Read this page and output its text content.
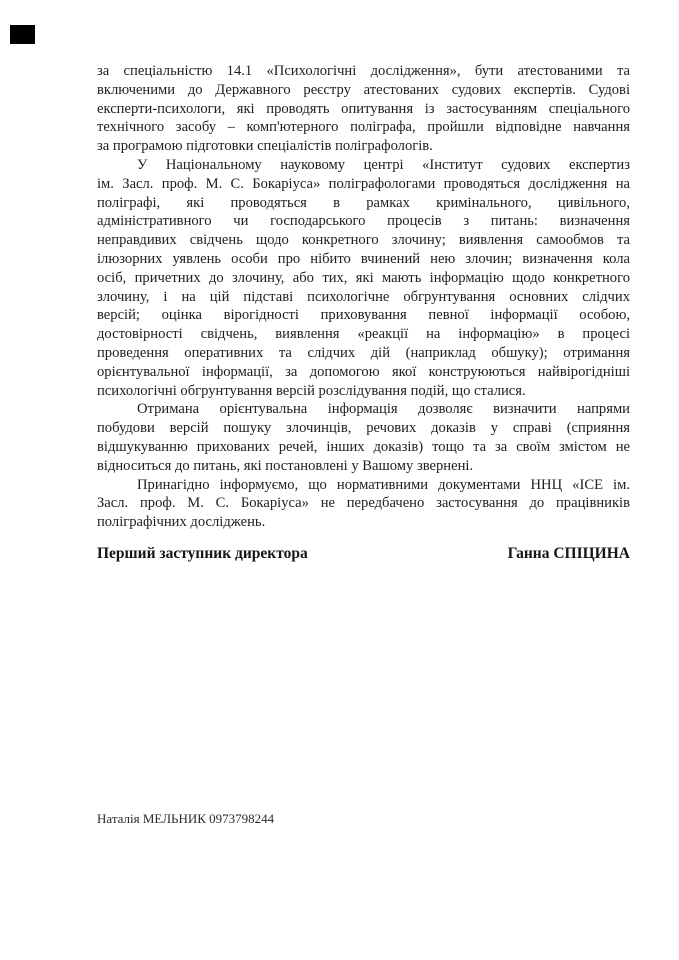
за спеціальністю 14.1 «Психологічні дослідження», бути атестованими та
включеними до Державного реєстру атестованих судових експертів. Судові
експерти-психологи, які проводять опитування із застосуванням спеціального
технічного засобу – комп'ютерного поліграфа, пройшли відповідне навчання
за програмою підготовки спеціалістів поліграфологів.
У Національному науковому центрі «Інститут судових експертиз
ім. Засл. проф. М. С. Бокаріуса» поліграфологами проводяться дослідження на
поліграфі, які проводяться в рамках кримінального, цивільного,
адміністративного чи господарського процесів з питань: визначення
неправдивих свідчень щодо конкретного злочину; виявлення самообмов та
ілюзорних уявлень особи про нібито вчинений нею злочин; визначення кола
осіб, причетних до злочину, або тих, які мають інформацію щодо конкретного
злочину, і на цій підставі психологічне обгрунтування основних слідчих
версій; оцінка вірогідності приховування певної інформації особою,
достовірності свідчень, виявлення «реакції на інформацію» в процесі
проведення оперативних та слідчих дій (наприклад обшуку); отримання
орієнтувальної інформації, за допомогою якої конструюються найвірогідніші
психологічні обгрунтування версій розслідування подій, що сталися.
Отримана орієнтувальна інформація дозволяє визначити напрями
побудови версій пошуку злочинців, речових доказів у справі (сприяння
відшукуванню прихованих речей, інших доказів) тощо та за своїм змістом не
відноситься до питань, які постановлені у Вашому звернені.
Принагідно інформуємо, що нормативними документами ННЦ «ІСЕ ім.
Засл. проф. М. С. Бокаріуса» не передбачено застосування до працівників
поліграфічних досліджень.
Перший заступник директора	Ганна СПІЦИНА
Наталія МЕЛЬНИК 0973798244
